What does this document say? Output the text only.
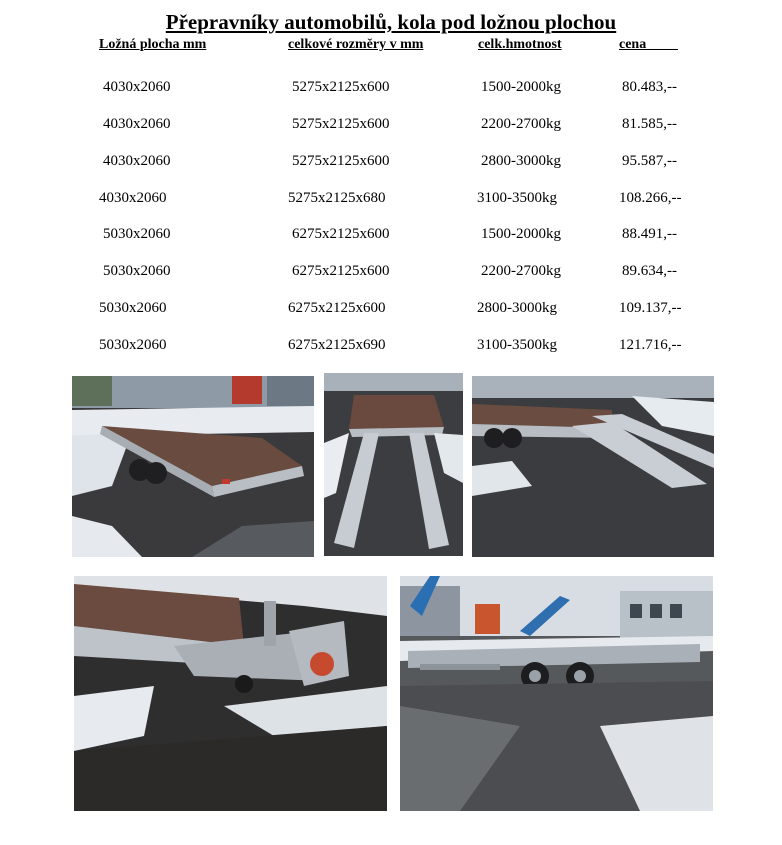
Přepravníky automobilů, kola pod ložnou plochou
Ložná plocha mm	celkové rozměry v mm	celk.hmotnost	cena _ _ _
4030x2060	5275x2125x600	1500-2000kg	80.483,--
4030x2060	5275x2125x600	2200-2700kg	81.585,--
4030x2060	5275x2125x600	2800-3000kg	95.587,--
4030x2060	5275x2125x680	3100-3500kg	108.266,--
5030x2060	6275x2125x600	1500-2000kg	88.491,--
5030x2060	6275x2125x600	2200-2700kg	89.634,--
5030x2060	6275x2125x600	2800-3000kg	109.137,--
5030x2060	6275x2125x690	3100-3500kg	121.716,--
